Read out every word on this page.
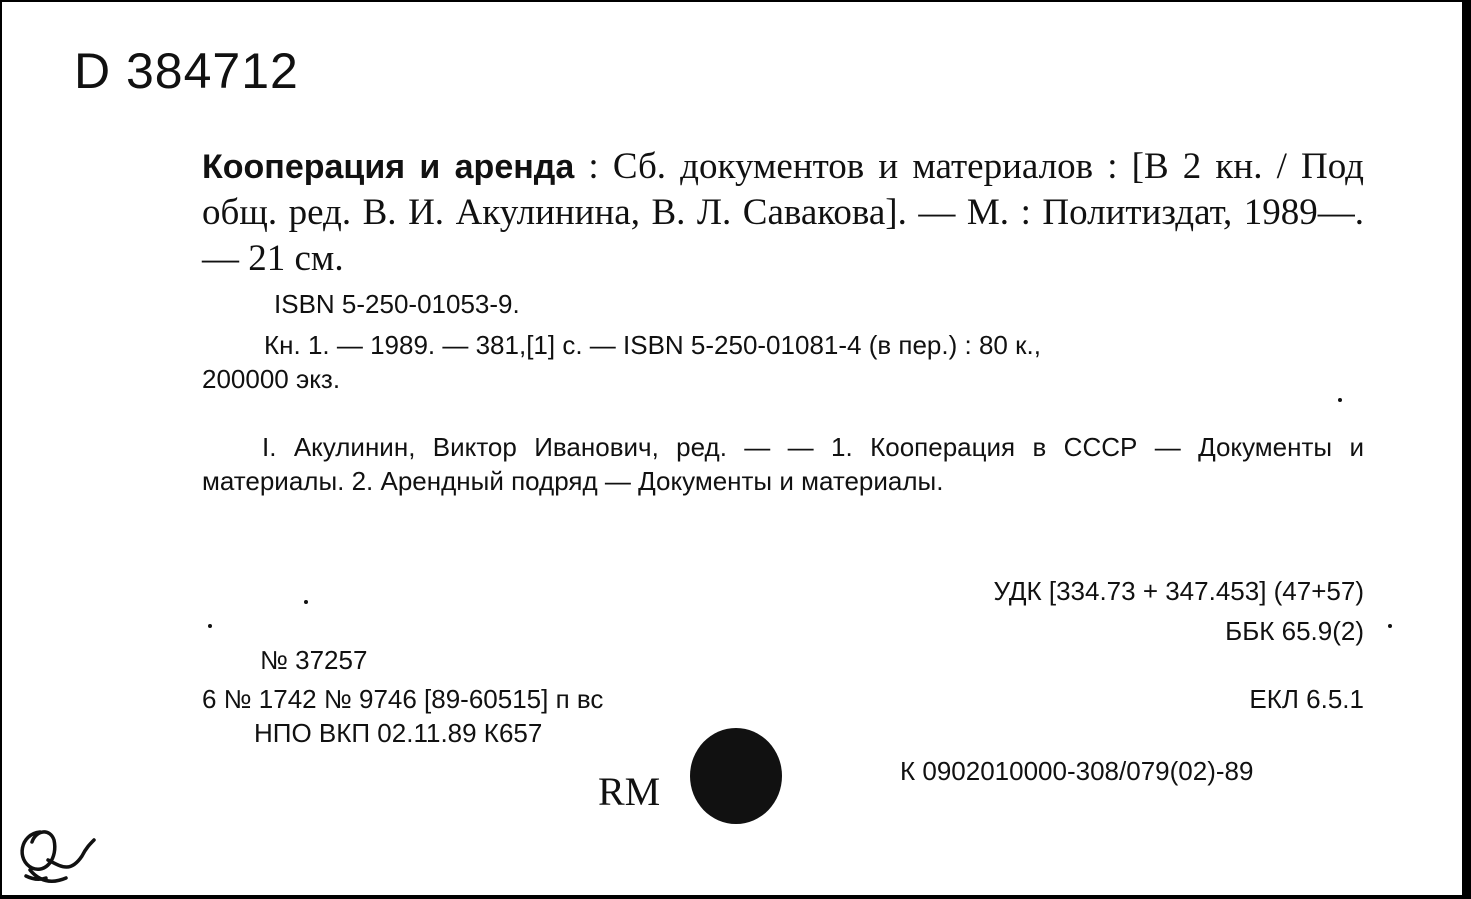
D 384712
Кооперация и аренда : Сб. документов и материалов : [В 2 кн. / Под общ. ред. В. И. Акулинина, В. Л. Савакова]. — М. : Политиздат, 1989—. — 21 см.
ISBN 5-250-01053-9.
Кн. 1. — 1989. — 381,[1] с. — ISBN 5-250-01081-4 (в пер.) : 80 к.,
200000 экз.
I. Акулинин, Виктор Иванович, ред. — — 1. Кооперация в СССР — Документы и материалы. 2. Арендный подряд — Документы и материалы.
УДК [334.73 + 347.453] (47+57)
ББК 65.9(2)
№ 37257
6 № 1742 № 9746 [89-60515] п вс
НПО ВКП 02.11.89 К657
ЕКЛ 6.5.1
К 0902010000-308/079(02)-89
RM
